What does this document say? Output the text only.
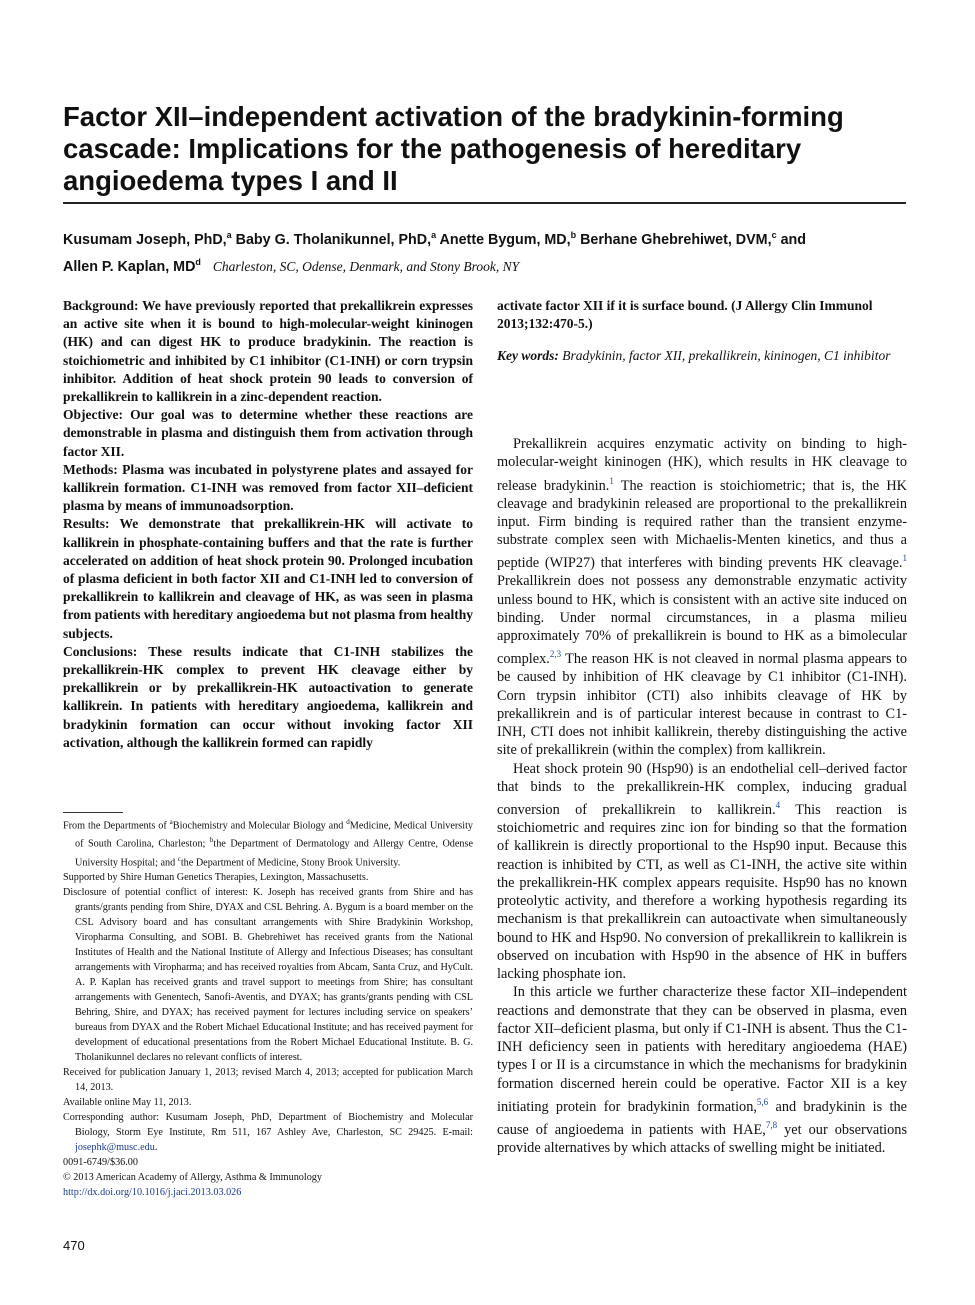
Factor XII–independent activation of the bradykinin-forming cascade: Implications for the pathogenesis of hereditary angioedema types I and II
Kusumam Joseph, PhD,$^a$ Baby G. Tholanikunnel, PhD,$^a$ Anette Bygum, MD,$^b$ Berhane Ghebrehiwet, DVM,$^c$ and
Allen P. Kaplan, $MD^d$ Charleston, SC, Odense, Denmark, and Stony Brook, NY

Background: We have previously reported that prekallikrein expresses an active site when it is bound to high-molecular-weight kininogen (HK) and can digest HK to produce bradykinin. The reaction is stoichiometric and inhibited by C1 inhibitor (C1-INH) or corn trypsin inhibitor. Addition of heat shock protein 90 leads to conversion of prekallikrein to kallikrein in a zinc-dependent reaction.

Objective: Our goal was to determine whether these reactions are demonstrable in plasma and distinguish them from activation through factor XII.

Methods: Plasma was incubated in polystyrene plates and assayed for kallikrein formation. C1-INH was removed from factor XII–deficient plasma by means of immunoadsorption.

Results: We demonstrate that prekallikrein-HK will activate to kallikrein in phosphate-containing buffers and that the rate is further accelerated on addition of heat shock protein 90. Prolonged incubation of plasma deficient in both factor XII and C1-INH led to conversion of prekallikrein to kallikrein and cleavage of HK, as was seen in plasma from patients with hereditary angioedema but not plasma from healthy subjects.

Conclusions: These results indicate that C1-INH stabilizes the prekallikrein-HK complex to prevent HK cleavage either by prekallikrein or by prekallikrein-HK autoactivation to generate kallikrein. In patients with hereditary angioedema, kallikrein and bradykinin formation can occur without invoking factor XII activation, although the kallikrein formed can rapidly

activate factor XII if it is surface bound. (J Allergy Clin Immunol 2013;132:470-5.)

Key words: Bradykinin, factor XII, prekallikrein, kininogen, C1 inhibitor

From the Departments of $^a$Biochemistry and Molecular Biology and $^d$Medicine, Medical University of South Carolina, Charleston; $^b$the Department of Dermatology and Allergy Centre, Odense University Hospital; and $^c$the Department of Medicine, Stony Brook University.

Supported by Shire Human Genetics Therapies, Lexington, Massachusetts.

Disclosure of potential conflict of interest: K. Joseph has received grants from Shire and has grants/grants pending from Shire, DYAX and CSL Behring. A. Bygum is a board member on the CSL Advisory board and has consultant arrangements with Shire Bradykinin Workshop, Viropharma Consulting, and SOBI. B. Ghebrehiwet has received grants from the National Institutes of Health and the National Institute of Allergy and Infectious Diseases; has consultant arrangements with Viropharma; and has received royalties from Abcam, Santa Cruz, and HyCult. A. P. Kaplan has received grants and travel support to meetings from Shire; has consultant arrangements with Genentech, Sanofi-Aventis, and DYAX; has grants/grants pending with CSL Behring, Shire, and DYAX; has received payment for lectures including service on speakers’ bureaus from DYAX and the Robert Michael Educational Institute; and has received payment for development of educational presentations from the Robert Michael Educational Institute. B. G. Tholanikunnel declares no relevant conflicts of interest.

Received for publication January 1, 2013; revised March 4, 2013; accepted for publication March 14, 2013.

Available online May 11, 2013.

Corresponding author: Kusumam Joseph, PhD, Department of Biochemistry and Molecular Biology, Storm Eye Institute, Rm 511, 167 Ashley Ave, Charleston, SC 29425. E-mail: josephk@musc.edu.

0091-6749/$36.00

© 2013 American Academy of Allergy, Asthma & Immunology

http://dx.doi.org/10.1016/j.jaci.2013.03.026

Prekallikrein acquires enzymatic activity on binding to high-molecular-weight kininogen (HK), which results in HK cleavage to release bradykinin.$^1$ The reaction is stoichiometric; that is, the HK cleavage and bradykinin released are proportional to the prekallikrein input. Firm binding is required rather than the transient enzyme-substrate complex seen with Michaelis-Menten kinetics, and thus a peptide (WIP27) that interferes with binding prevents HK cleavage.$^1$ Prekallikrein does not possess any demonstrable enzymatic activity unless bound to HK, which is consistent with an active site induced on binding. Under normal circumstances, in a plasma milieu approximately 70% of prekallikrein is bound to HK as a bimolecular complex.$^{2,3}$ The reason HK is not cleaved in normal plasma appears to be caused by inhibition of HK cleavage by C1 inhibitor (C1-INH). Corn trypsin inhibitor (CTI) also inhibits cleavage of HK by prekallikrein and is of particular interest because in contrast to C1-INH, CTI does not inhibit kallikrein, thereby distinguishing the active site of prekallikrein (within the complex) from kallikrein.

Heat shock protein 90 (Hsp90) is an endothelial cell–derived factor that binds to the prekallikrein-HK complex, inducing gradual conversion of prekallikrein to kallikrein.$^4$ This reaction is stoichiometric and requires zinc ion for binding so that the formation of kallikrein is directly proportional to the Hsp90 input. Because this reaction is inhibited by CTI, as well as C1-INH, the active site within the prekallikrein-HK complex appears requisite. Hsp90 has no known proteolytic activity, and therefore a working hypothesis regarding its mechanism is that prekallikrein can autoactivate when simultaneously bound to HK and Hsp90. No conversion of prekallikrein to kallikrein is observed on incubation with Hsp90 in the absence of HK in buffers lacking phosphate ion.

In this article we further characterize these factor XII–independent reactions and demonstrate that they can be observed in plasma, even factor XII–deficient plasma, but only if C1-INH is absent. Thus the C1-INH deficiency seen in patients with hereditary angioedema (HAE) types I or II is a circumstance in which the mechanisms for bradykinin formation discerned herein could be operative. Factor XII is a key initiating protein for bradykinin formation,$^{5,6}$ and bradykinin is the cause of angioedema in patients with HAE,$^{7,8}$ yet our observations provide alternatives by which attacks of swelling might be initiated.

470
